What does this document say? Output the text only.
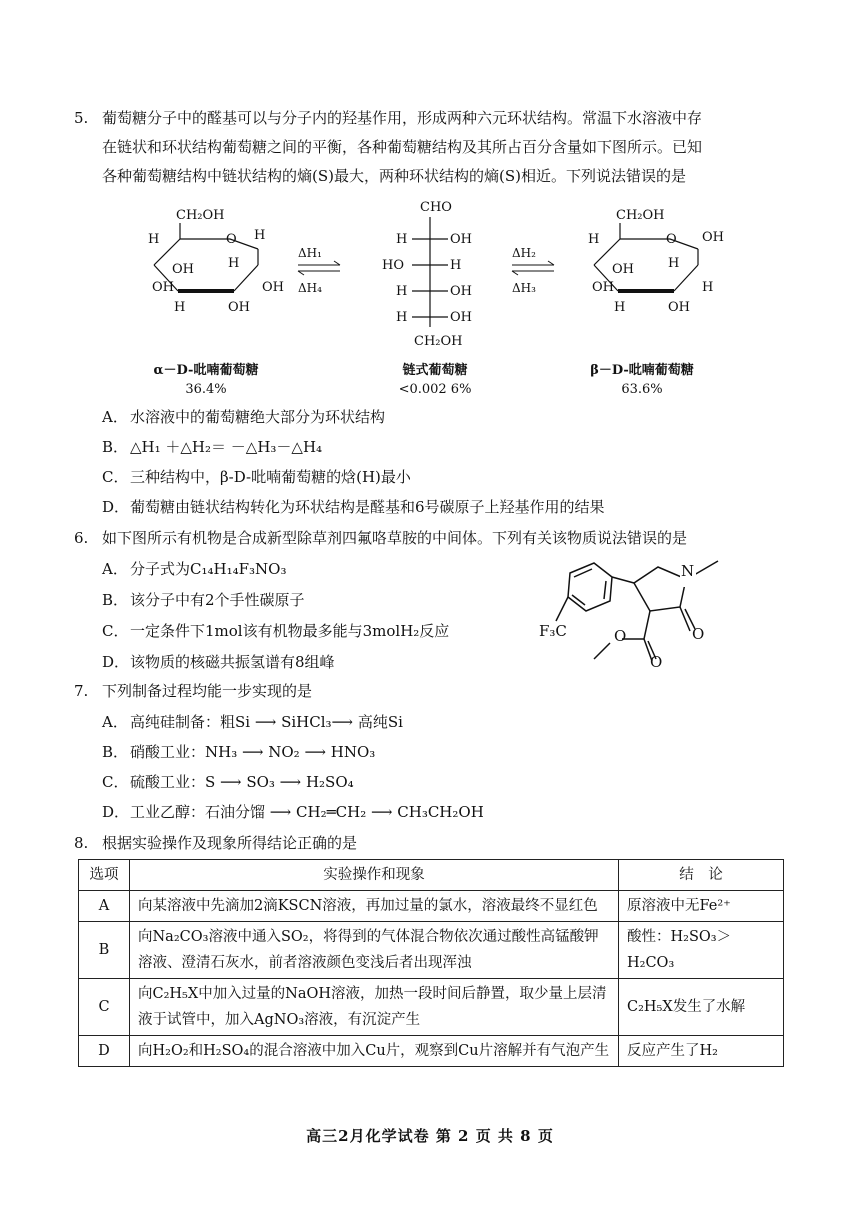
5. 葡萄糖分子中的醛基可以与分子内的羟基作用，形成两种六元环状结构。常温下水溶液中存
在链状和环状结构葡萄糖之间的平衡，各种葡萄糖结构及其所占百分含量如下图所示。已知
各种葡萄糖结构中链状结构的熵(S)最大，两种环状结构的熵(S)相近。下列说法错误的是
CH₂OH
O
H
OH
OH
H	OH
H
OH
H
CHO
H	OH
HO	H
H	OH
H	OH
CH₂OH
CH₂OH
O
H
OH
OH
H	OH
H
H
OH
ΔH₁
ΔH₄
ΔH₂
ΔH₃
α－D-吡喃葡萄糖
36.4%
链式葡萄糖
<0.002 6%
β－D-吡喃葡萄糖
63.6%
A． 水溶液中的葡萄糖绝大部分为环状结构
B． △H₁ ＋△H₂＝ －△H₃－△H₄
C． 三种结构中，β-D-吡喃葡萄糖的焓(H)最小
D．葡萄糖由链状结构转化为环状结构是醛基和6号碳原子上羟基作用的结果
6. 如下图所示有机物是合成新型除草剂四氟咯草胺的中间体。下列有关该物质说法错误的是
A． 分子式为C₁₄H₁₄F₃NO₃
B． 该分子中有2个手性碳原子
C． 一定条件下1mol该有机物最多能与3molH₂反应
D．该物质的核磁共振氢谱有8组峰
F₃C
N
O
O
O
7. 下列制备过程均能一步实现的是
A． 高纯硅制备：粗Si ⟶ SiHCl₃⟶ 高纯Si
B． 硝酸工业：NH₃ ⟶ NO₂ ⟶ HNO₃
C． 硫酸工业：S ⟶ SO₃ ⟶ H₂SO₄
D．工业乙醇：石油分馏 ⟶ CH₂═CH₂ ⟶ CH₃CH₂OH
8. 根据实验操作及现象所得结论正确的是
选项	实验操作和现象	结　论
A	向某溶液中先滴加2滴KSCN溶液，再加过量的氯水，溶液最终不显红色	原溶液中无Fe²⁺
B	向Na₂CO₃溶液中通入SO₂，将得到的气体混合物依次通过酸性高锰酸钾溶液、澄清石灰水，前者溶液颜色变浅后者出现浑浊	酸性：H₂SO₃＞H₂CO₃
C	向C₂H₅X中加入过量的NaOH溶液，加热一段时间后静置，取少量上层清液于试管中，加入AgNO₃溶液，有沉淀产生	C₂H₅X发生了水解
D	向H₂O₂和H₂SO₄的混合溶液中加入Cu片，观察到Cu片溶解并有气泡产生	反应产生了H₂
高三2月化学试卷 第 2 页 共 8 页
